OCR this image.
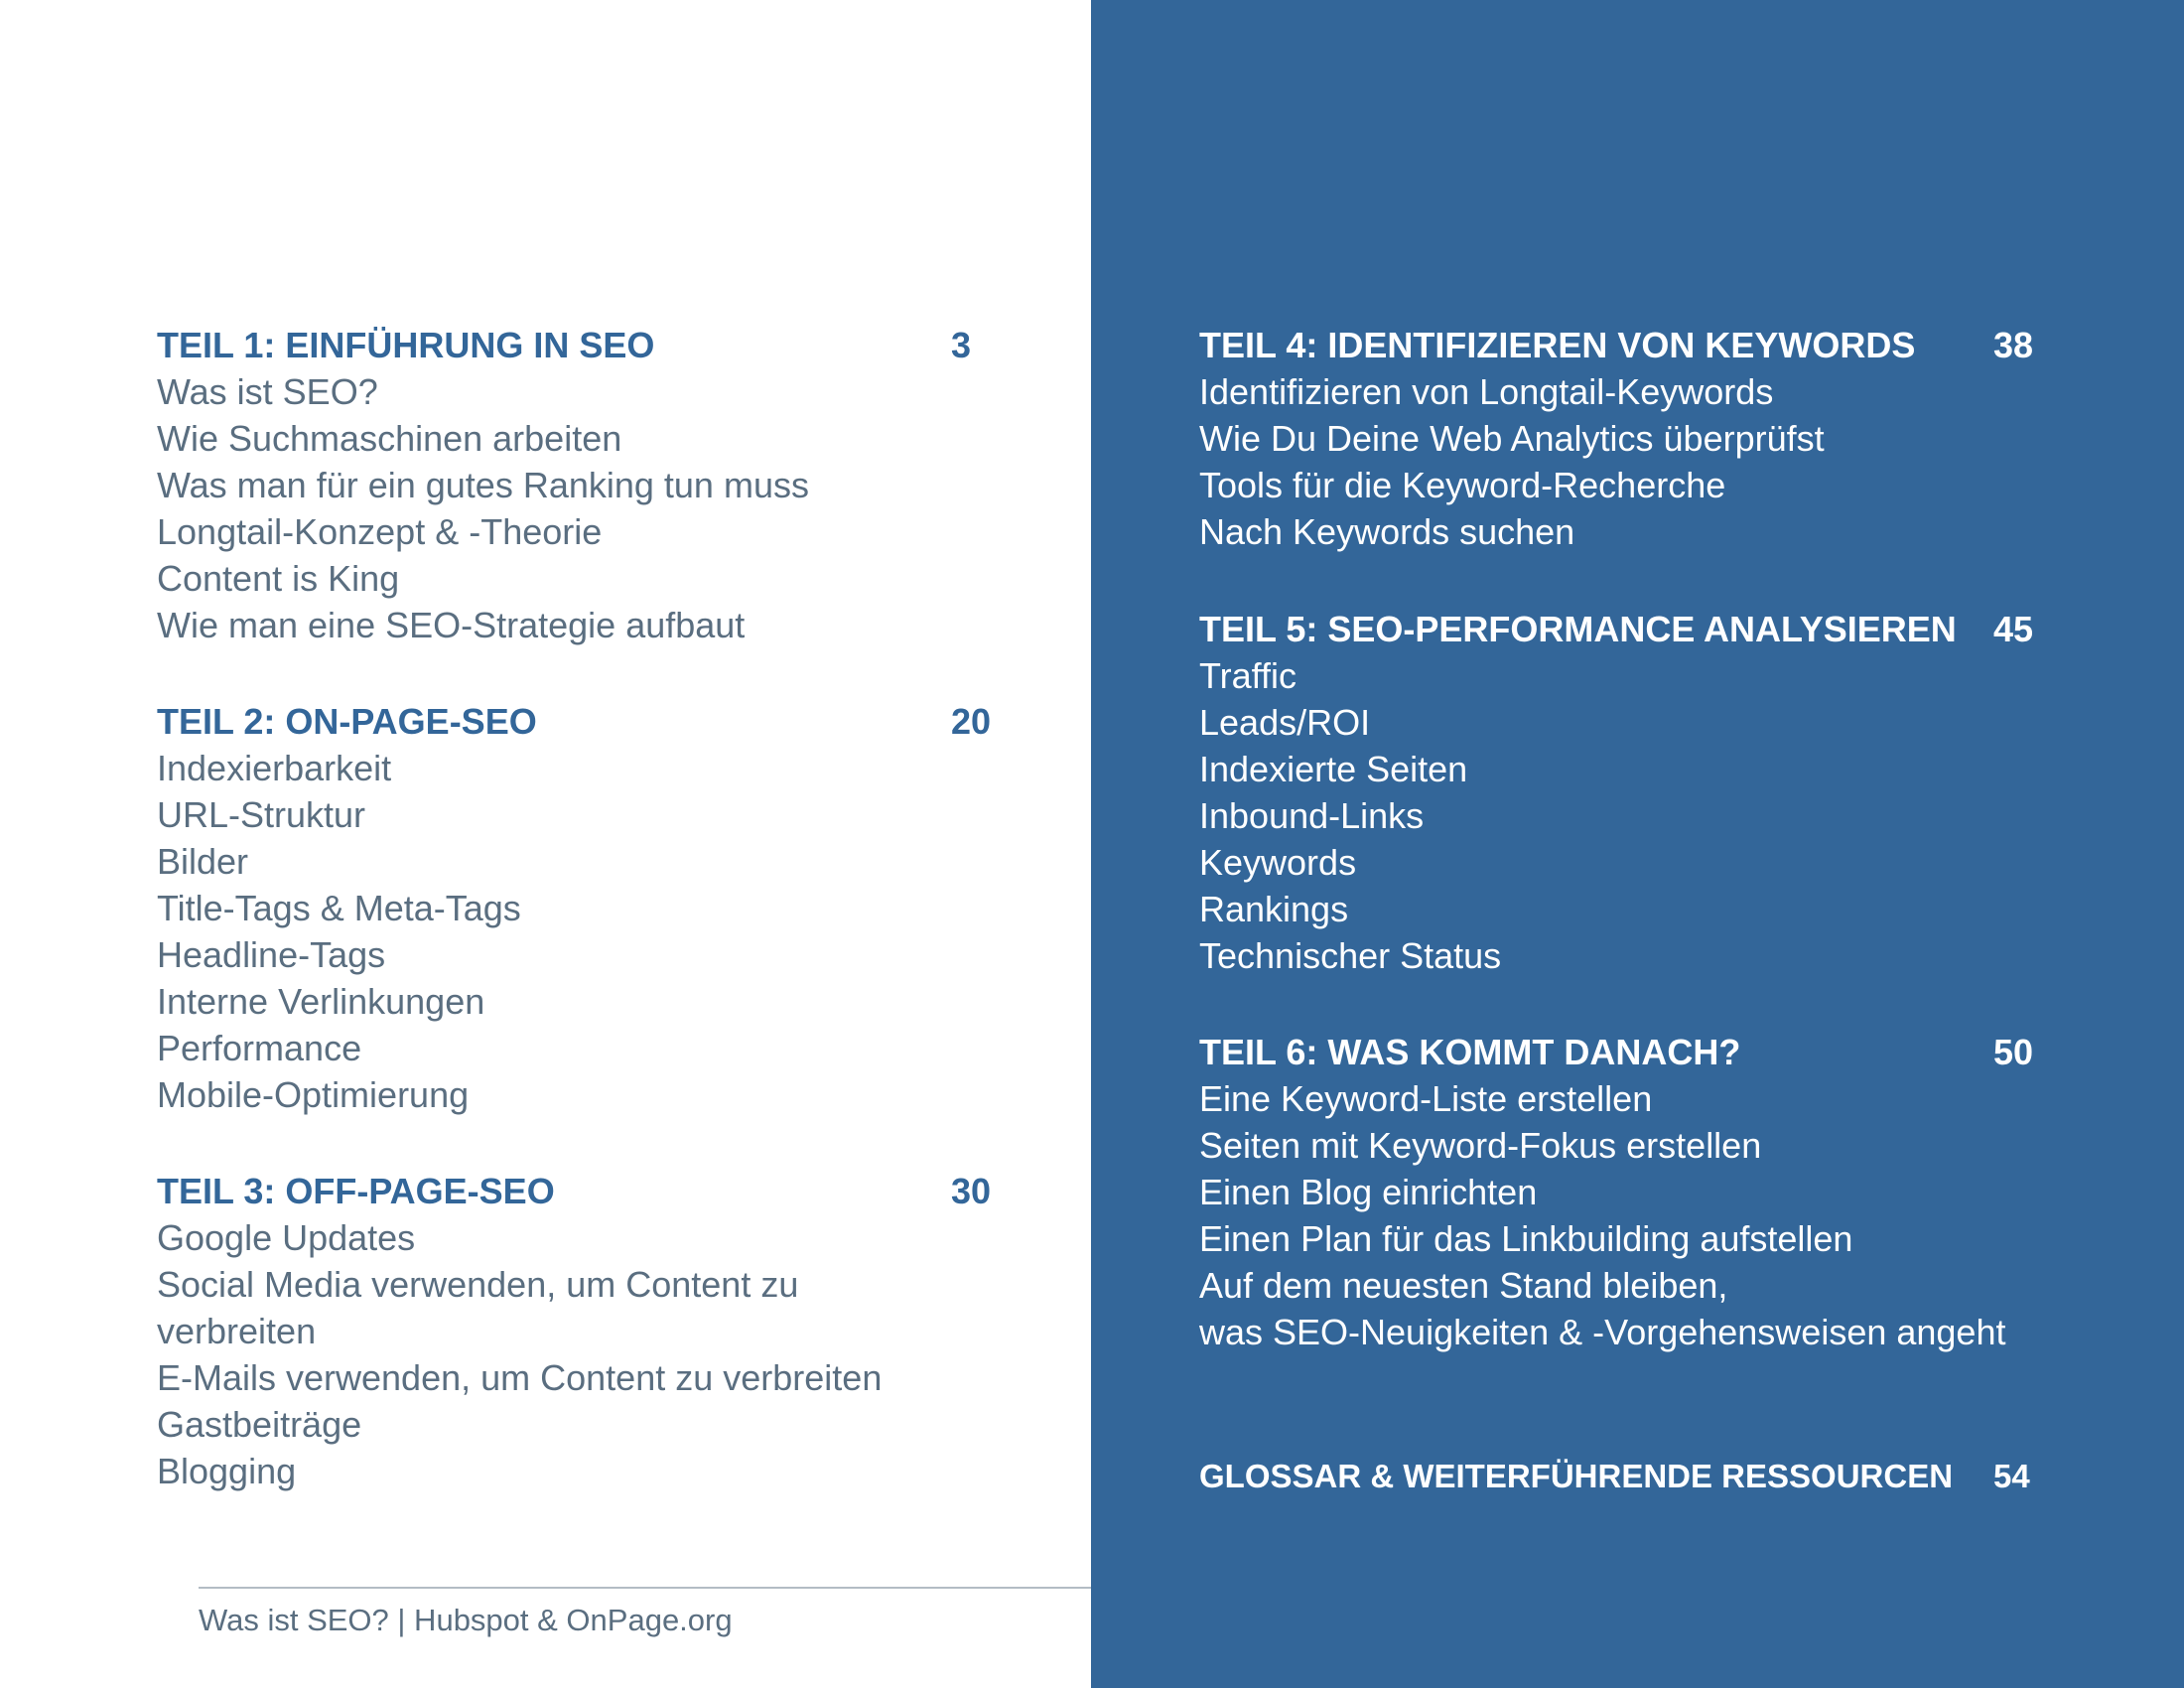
TEIL 1: EINFÜHRUNG IN SEO	3
Was ist SEO?
Wie Suchmaschinen arbeiten
Was man für ein gutes Ranking tun muss
Longtail-Konzept & -Theorie
Content is King
Wie man eine SEO-Strategie aufbaut
TEIL 2: ON-PAGE-SEO	20
Indexierbarkeit
URL-Struktur
Bilder
Title-Tags & Meta-Tags
Headline-Tags
Interne Verlinkungen
Performance
Mobile-Optimierung
TEIL 3: OFF-PAGE-SEO	30
Google Updates
Social Media verwenden, um Content zu
verbreiten
E-Mails verwenden, um Content zu verbreiten
Gastbeiträge
Blogging
Was ist SEO? | Hubspot & OnPage.org
TEIL 4: IDENTIFIZIEREN VON KEYWORDS 38
Identifizieren von Longtail-Keywords
Wie Du Deine Web Analytics überprüfst
Tools für die Keyword-Recherche
Nach Keywords suchen
TEIL 5: SEO-PERFORMANCE ANALYSIEREN 45
Traffic
Leads/ROI
Indexierte Seiten
Inbound-Links
Keywords
Rankings
Technischer Status
TEIL 6: WAS KOMMT DANACH?	50
Eine Keyword-Liste erstellen
Seiten mit Keyword-Fokus erstellen
Einen Blog einrichten
Einen Plan für das Linkbuilding aufstellen
Auf dem neuesten Stand bleiben,
was SEO-Neuigkeiten & -Vorgehensweisen angeht
GLOSSAR & WEITERFÜHRENDE RESSOURCEN 54
